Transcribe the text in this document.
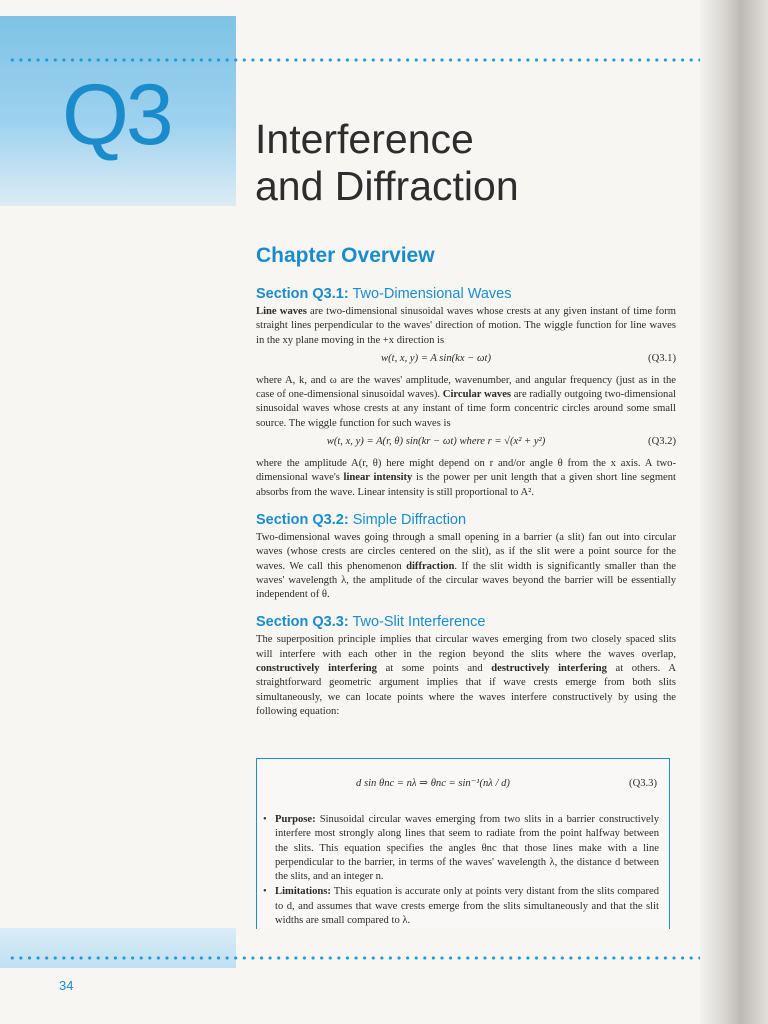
Q3 Interference
and Diffraction
Chapter Overview
Section Q3.1: Two-Dimensional Waves

Line waves are two-dimensional sinusoidal waves whose crests at any given instant of time form straight lines perpendicular to the waves' direction of motion. The wiggle function for line waves in the xy plane moving in the +x direction is

w(t, x, y) = A sin(kx − ωt)	(Q3.1)

where A, k, and ω are the waves' amplitude, wavenumber, and angular frequency (just as in the case of one-dimensional sinusoidal waves). Circular waves are radially outgoing two-dimensional sinusoidal waves whose crests at any instant of time form concentric circles around some small source. The wiggle function for such waves is

w(t, x, y) = A(r, θ) sin(kr − ωt) where r = √(x² + y²)	(Q3.2)

where the amplitude A(r, θ) here might depend on r and/or angle θ from the x axis. A two-dimensional wave's linear intensity is the power per unit length that a given short line segment absorbs from the wave. Linear intensity is still proportional to A².

Section Q3.2: Simple Diffraction

Two-dimensional waves going through a small opening in a barrier (a slit) fan out into circular waves (whose crests are circles centered on the slit), as if the slit were a point source for the waves. We call this phenomenon diffraction. If the slit width is significantly smaller than the waves' wavelength λ, the amplitude of the circular waves beyond the barrier will be essentially independent of θ.

Section Q3.3: Two-Slit Interference

The superposition principle implies that circular waves emerging from two closely spaced slits will interfere with each other in the region beyond the slits where the waves overlap, constructively interfering at some points and destructively interfering at others. A straightforward geometric argument implies that if wave crests emerge from both slits simultaneously, we can locate points where the waves interfere constructively by using the following equation:

d sin θnc = nλ ⇒ θnc = sin⁻¹(nλ / d)	(Q3.3)
• Purpose: Sinusoidal circular waves emerging from two slits in a barrier constructively interfere most strongly along lines that seem to radiate from the point halfway between the slits. This equation specifies the angles θnc that those lines make with a line perpendicular to the barrier, in terms of the waves' wavelength λ, the distance d between the slits, and an integer n.
• Limitations: This equation is accurate only at points very distant from the slits compared to d, and assumes that wave crests emerge from the slits simultaneously and that the slit widths are small compared to λ.
34
